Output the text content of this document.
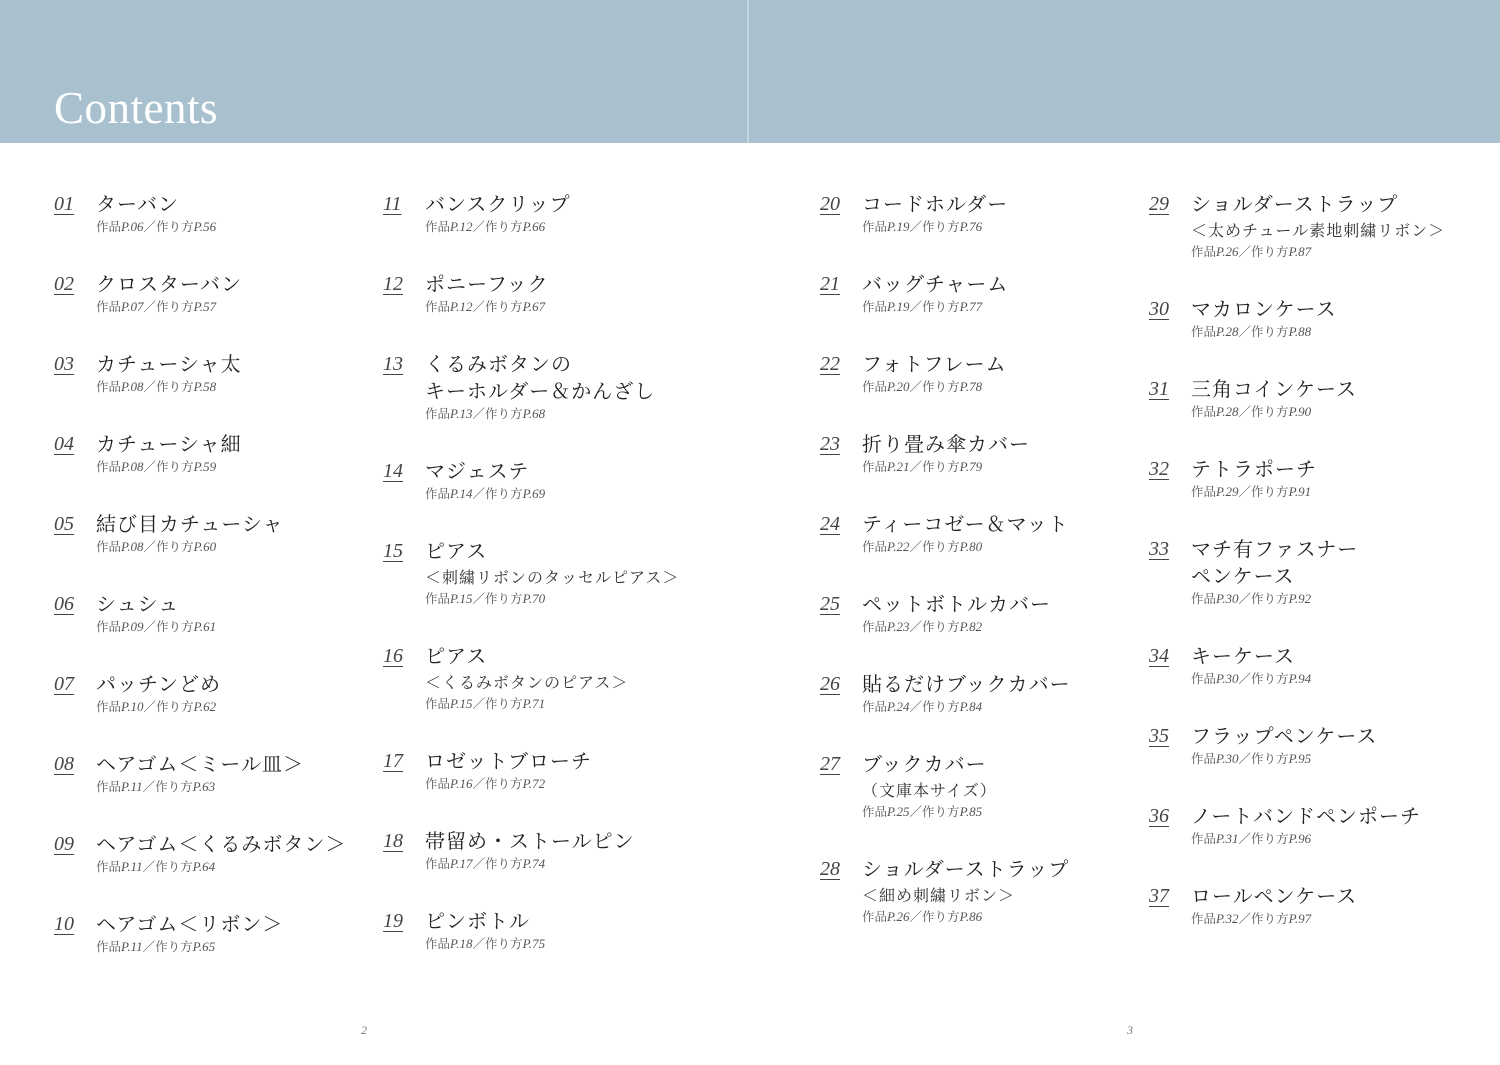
Contents
01	ターバン
作品P.06／作り方P.56
02	クロスターバン
作品P.07／作り方P.57
03	カチューシャ太
作品P.08／作り方P.58
04	カチューシャ細
作品P.08／作り方P.59
05	結び目カチューシャ
作品P.08／作り方P.60
06	シュシュ
作品P.09／作り方P.61
07	パッチンどめ
作品P.10／作り方P.62
08	ヘアゴム＜ミール皿＞
作品P.11／作り方P.63
09	ヘアゴム＜くるみボタン＞
作品P.11／作り方P.64
10	ヘアゴム＜リボン＞
作品P.11／作り方P.65
11	バンスクリップ
作品P.12／作り方P.66
12	ポニーフック
作品P.12／作り方P.67
13	くるみボタンの
キーホルダー＆かんざし
作品P.13／作り方P.68
14	マジェステ
作品P.14／作り方P.69
15	ピアス
＜刺繍リボンのタッセルピアス＞
作品P.15／作り方P.70
16	ピアス
＜くるみボタンのピアス＞
作品P.15／作り方P.71
17	ロゼットブローチ
作品P.16／作り方P.72
18	帯留め・ストールピン
作品P.17／作り方P.74
19	ピンボトル
作品P.18／作り方P.75
20	コードホルダー
作品P.19／作り方P.76
21	バッグチャーム
作品P.19／作り方P.77
22	フォトフレーム
作品P.20／作り方P.78
23	折り畳み傘カバー
作品P.21／作り方P.79
24	ティーコゼー＆マット
作品P.22／作り方P.80
25	ペットボトルカバー
作品P.23／作り方P.82
26	貼るだけブックカバー
作品P.24／作り方P.84
27	ブックカバー
（文庫本サイズ）
作品P.25／作り方P.85
28	ショルダーストラップ
＜細め刺繍リボン＞
作品P.26／作り方P.86
29	ショルダーストラップ
＜太めチュール素地刺繍リボン＞
作品P.26／作り方P.87
30	マカロンケース
作品P.28／作り方P.88
31	三角コインケース
作品P.28／作り方P.90
32	テトラポーチ
作品P.29／作り方P.91
33	マチ有ファスナー
ペンケース
作品P.30／作り方P.92
34	キーケース
作品P.30／作り方P.94
35	フラップペンケース
作品P.30／作り方P.95
36	ノートバンドペンポーチ
作品P.31／作り方P.96
37	ロールペンケース
作品P.32／作り方P.97
2	3
